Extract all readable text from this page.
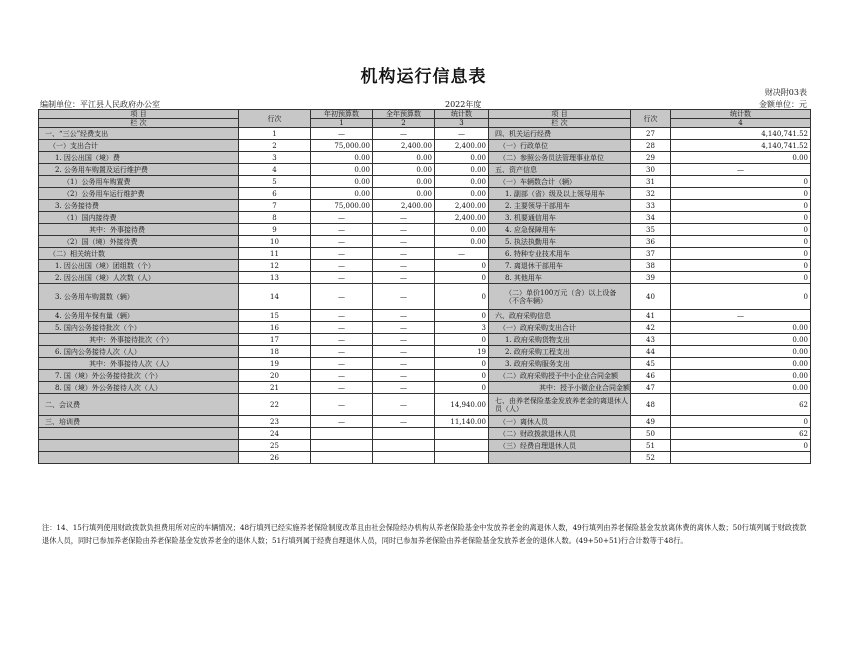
机构运行信息表
财决附03表
编制单位：平江县人民政府办公室	2022年度	金额单位：元
项 目	行次	年初预算数	全年预算数	统计数	项 目	行次	统计数
栏 次		1	2	3	栏 次		4
一、“三公”经费支出	1	—	—	—	四、机关运行经费	27	4,140,741.52
（一）支出合计	2	75,000.00	2,400.00	2,400.00	（一）行政单位	28	4,140,741.52
1. 因公出国（境）费	3	0.00	0.00	0.00	（二）参照公务员法管理事业单位	29	0.00
2. 公务用车购置及运行维护费	4	0.00	0.00	0.00	五、资产信息	30	—
（1）公务用车购置费	5	0.00	0.00	0.00	（一）车辆数合计（辆）	31	0
（2）公务用车运行维护费	6	0.00	0.00	0.00	1. 副部（省）级及以上领导用车	32	0
3. 公务接待费	7	75,000.00	2,400.00	2,400.00	2. 主要领导干部用车	33	0
（1）国内接待费	8	—	—	2,400.00	3. 机要通信用车	34	0
其中：外事接待费	9	—	—	0.00	4. 应急保障用车	35	0
（2）国（境）外接待费	10	—	—	0.00	5. 执法执勤用车	36	0
（二）相关统计数	11	—	—	—	6. 特种专业技术用车	37	0
1. 因公出国（境）团组数（个）	12	—	—	0	7. 离退休干部用车	38	0
2. 因公出国（境）人次数（人）	13	—	—	0	8. 其他用车	39	0
3. 公务用车购置数（辆）	14	—	—	0	（二）单价100万元（含）以上设备（不含车辆）	40	0
4. 公务用车保有量（辆）	15	—	—	0	六、政府采购信息	41	—
5. 国内公务接待批次（个）	16	—	—	3	（一）政府采购支出合计	42	0.00
其中：外事接待批次（个）	17	—	—	0	1. 政府采购货物支出	43	0.00
6. 国内公务接待人次（人）	18	—	—	19	2. 政府采购工程支出	44	0.00
其中：外事接待人次（人）	19	—	—	0	3. 政府采购服务支出	45	0.00
7. 国（境）外公务接待批次（个）	20	—	—	0	（二）政府采购授予中小企业合同金额	46	0.00
8. 国（境）外公务接待人次（人）	21	—	—	0	其中：授予小微企业合同金额	47	0.00
二、会议费	22	—	—	14,940.00	七、由养老保险基金发放养老金的离退休人员（人）	48	62
三、培训费	23	—	—	11,140.00	（一）离休人员	49	0
	24				（二）财政拨款退休人员	50	62
	25				（三）经费自理退休人员	51	0
	26					52	
注：14、15行填列使用财政拨款负担费用所对应的车辆情况；48行填列已经实施养老保险制度改革且由社会保险经办机构从养老保险基金中发放养老金的离退休人数，49行填列由养老保险基金发放离休费的离休人数；50行填列属于财政拨款退休人员，同时已参加养老保险由养老保险基金发放养老金的退休人数；51行填列属于经费自理退休人员，同时已参加养老保险由养老保险基金发放养老金的退休人数。(49+50+51)行合计数等于48行。
